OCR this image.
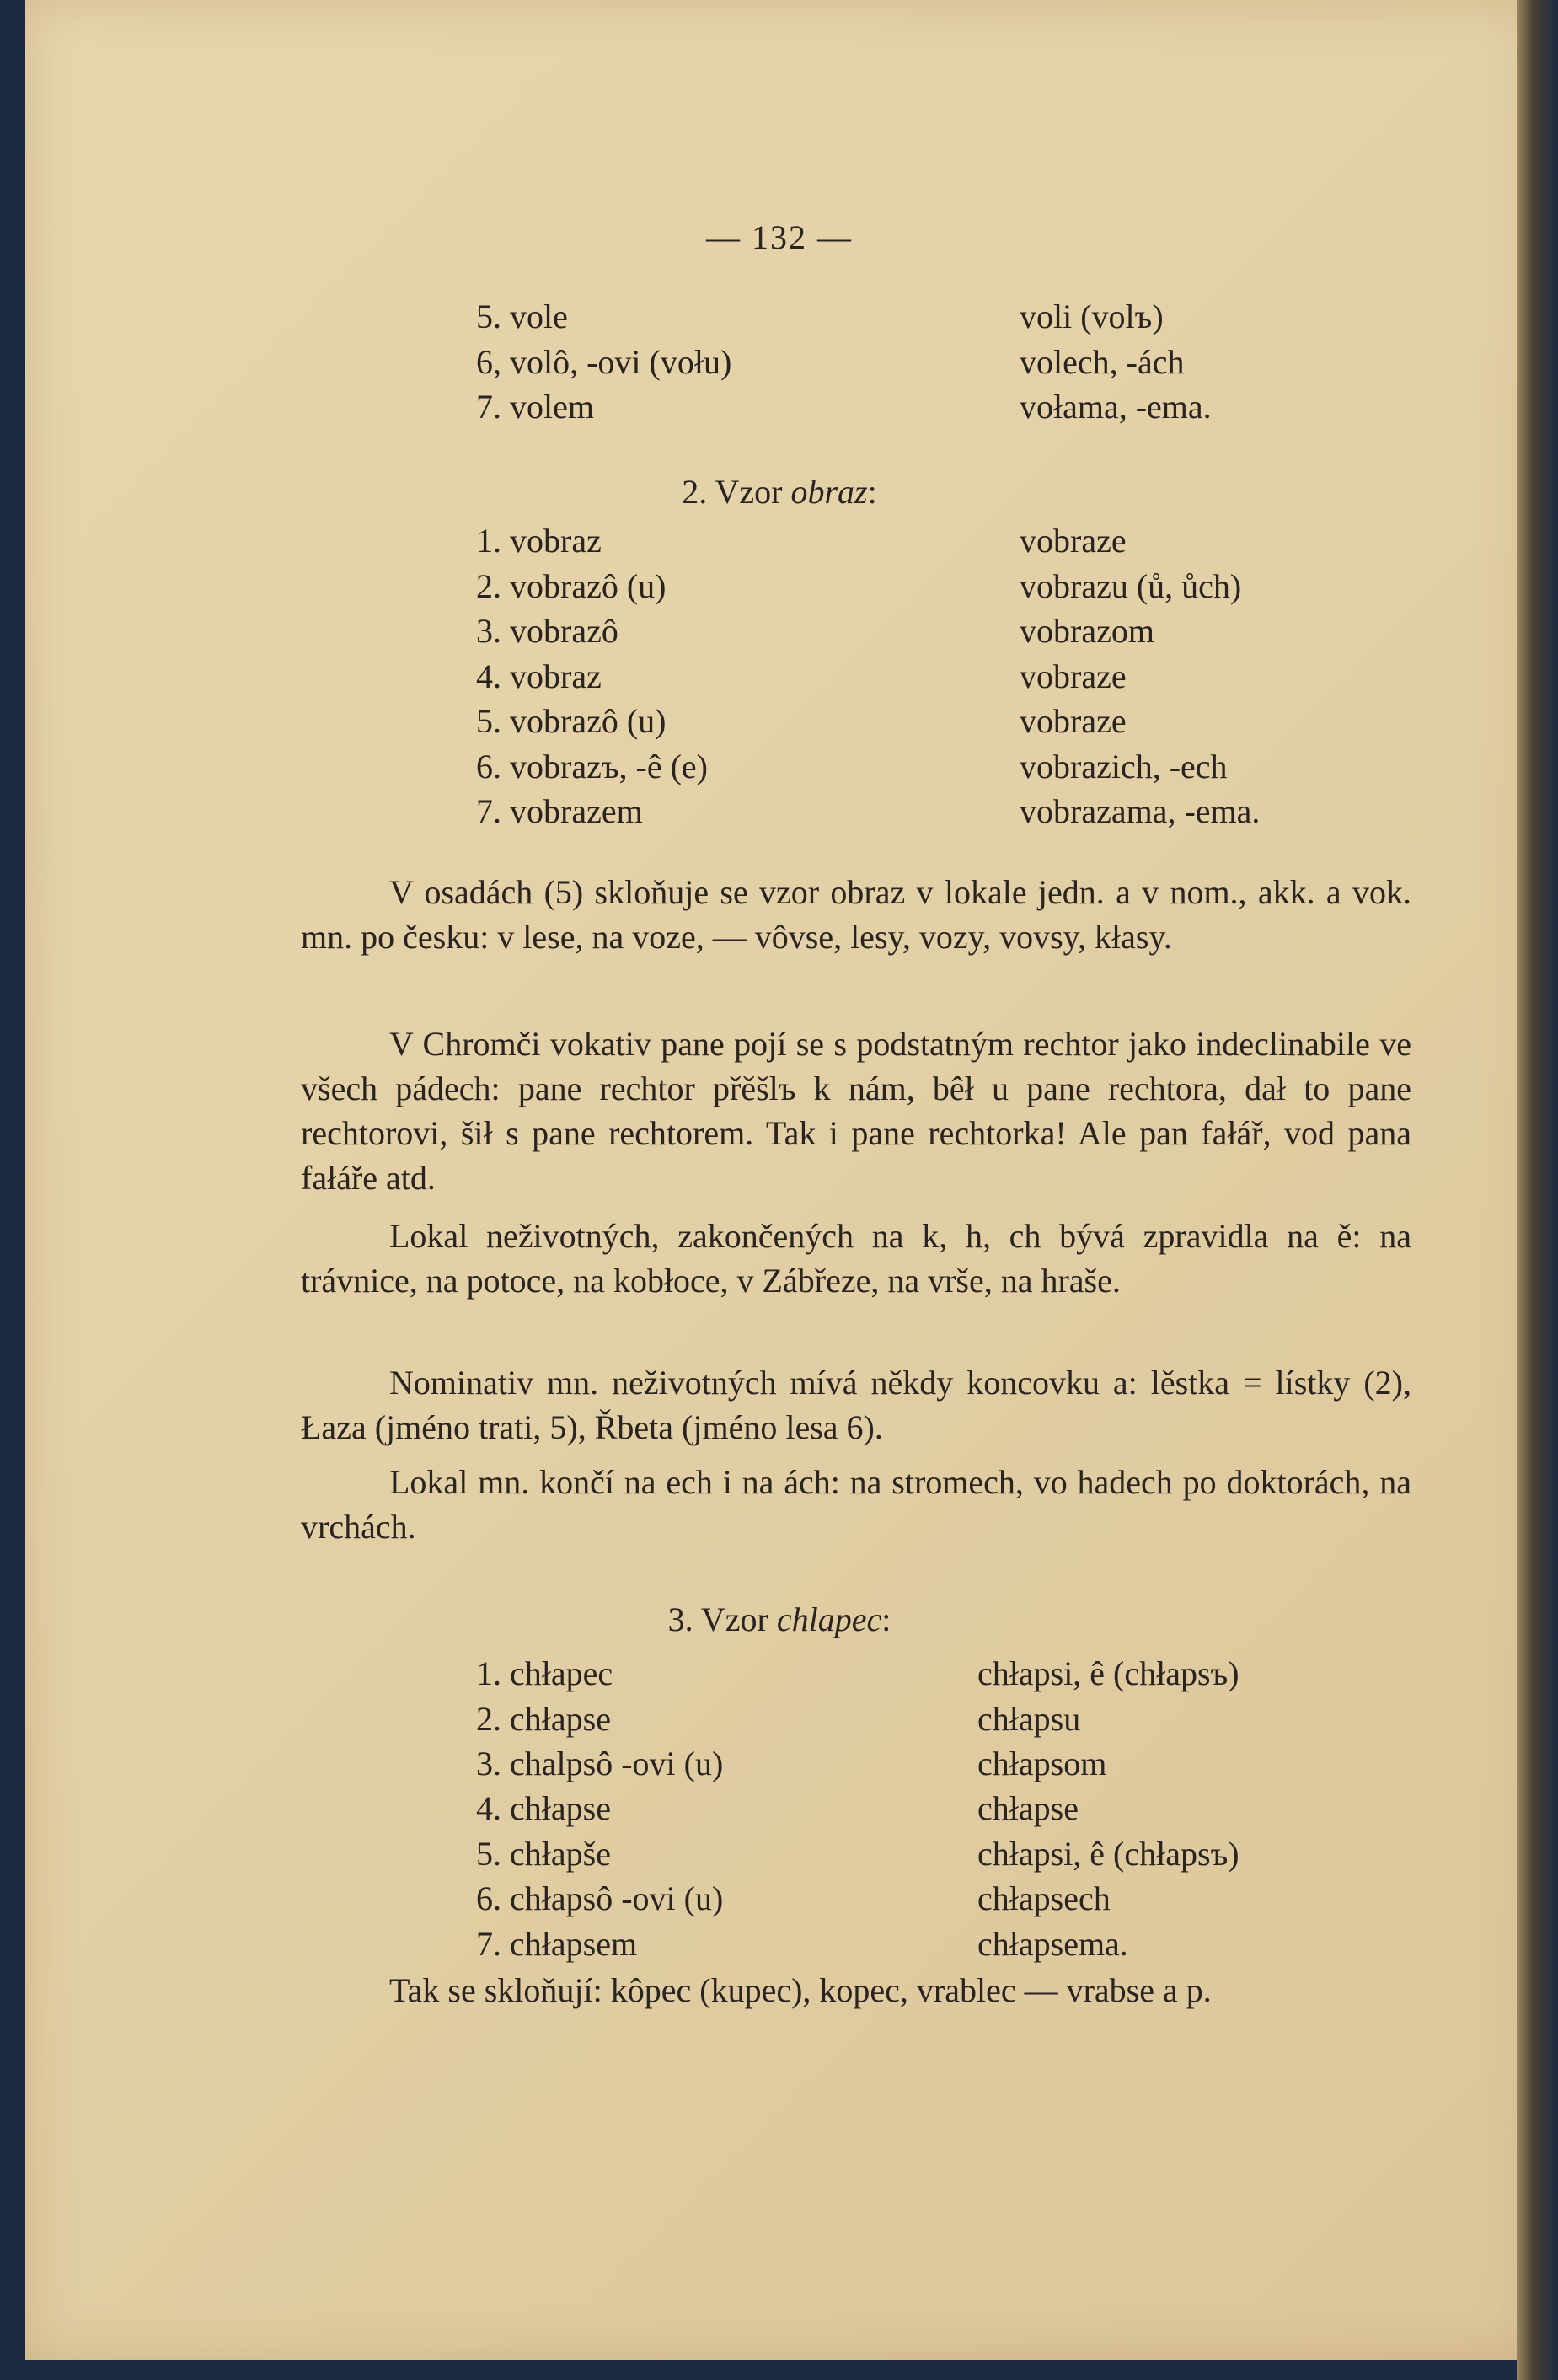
— 132 —
5. vole
6, volô, -ovi (vołu)
7. volem
voli (volъ)
volech, -ách
vołama, -ema.
2. Vzor obraz:
1. vobraz
2. vobrazô (u)
3. vobrazô
4. vobraz
5. vobrazô (u)
6. vobrazъ, -ê (e)
7. vobrazem
vobraze
vobrazu (ů, ůch)
vobrazom
vobraze
vobraze
vobrazich, -ech
vobrazama, -ema.

V osadách (5) skloňuje se vzor obraz v lokale jedn. a v nom., akk. a vok. mn. po česku: v lese, na voze, — vôvse, lesy, vozy, vovsy, kłasy.

V Chromči vokativ pane pojí se s podstatným rechtor jako indeclinabile ve všech pádech: pane rechtor přěšlъ k nám, bêł u pane rechtora, dał to pane rechtorovi, šił s pane rechtorem. Tak i pane rechtorka! Ale pan fałář, vod pana fałáře atd.

Lokal neživotných, zakončených na k, h, ch bývá zpravidla na ě: na trávnice, na potoce, na kobłoce, v Zábřeze, na vrše, na hraše.

Nominativ mn. neživotných mívá někdy koncovku a: lěstka = lístky (2), Łaza (jméno trati, 5), Řbeta (jméno lesa 6).

Lokal mn. končí na ech i na ách: na stromech, vo hadech po doktorách, na vrchách.

3. Vzor chlapec:
1. chłapec
2. chłapse
3. chalpsô -ovi (u)
4. chłapse
5. chłapše
6. chłapsô -ovi (u)
7. chłapsem
chłapsi, ê (chłapsъ)
chłapsu
chłapsom
chłapse
chłapsi, ê (chłapsъ)
chłapsech
chłapsema.

Tak se skloňují: kôpec (kupec), kopec, vrablec — vrabse a p.
